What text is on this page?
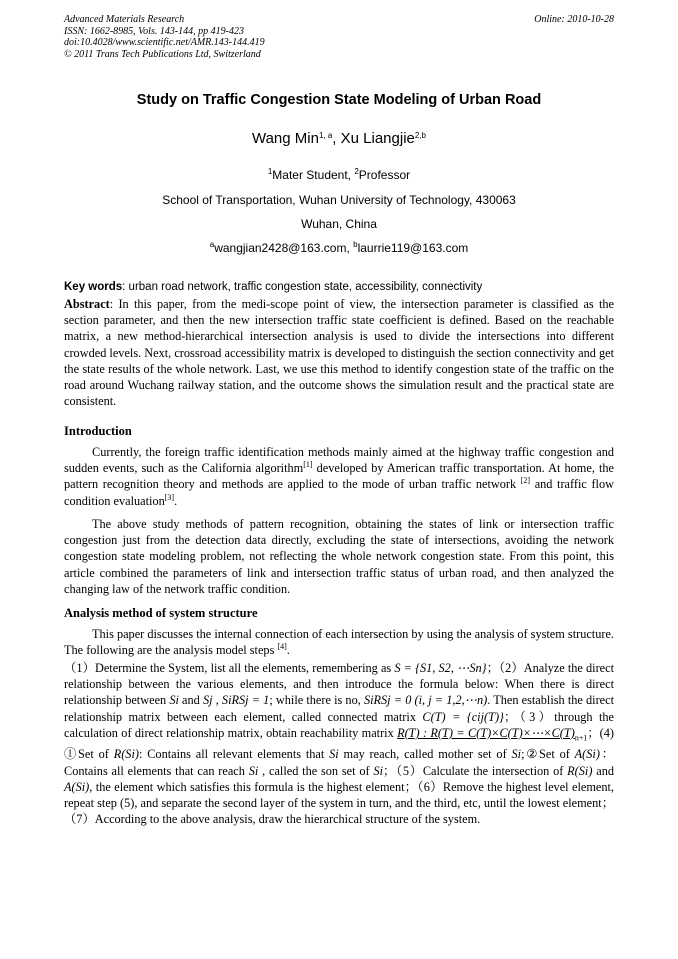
Advanced Materials Research
ISSN: 1662-8985, Vols. 143-144, pp 419-423
doi:10.4028/www.scientific.net/AMR.143-144.419
© 2011 Trans Tech Publications Ltd, Switzerland
Online: 2010-10-28
Study on Traffic Congestion State Modeling of Urban Road
Wang Min$^{1, a}$, Xu Liangjie$^{2,b}$
$^1$Mater Student, $^2$Professor
School of Transportation, Wuhan University of Technology, 430063
Wuhan, China
$^a$wangjian2428@163.com, $^b$laurrie119@163.com
Key words: urban road network, traffic congestion state, accessibility, connectivity
Abstract: In this paper, from the medi-scope point of view, the intersection parameter is classified as the section parameter, and then the new intersection traffic state coefficient is defined. Based on the reachable matrix, a new method-hierarchical intersection analysis is used to divide the intersections into different crowded levels. Next, crossroad accessibility matrix is developed to distinguish the section connectivity and get the state results of the whole network. Last, we use this method to identify congestion state of the traffic on the road around Wuchang railway station, and the outcome shows the simulation result and the practical state are consistent.
Introduction
Currently, the foreign traffic identification methods mainly aimed at the highway traffic congestion and sudden events, such as the California algorithm[1] developed by American traffic transportation. At home, the pattern recognition theory and methods are applied to the mode of urban traffic network [2] and traffic flow condition evaluation[3].
The above study methods of pattern recognition, obtaining the states of link or intersection traffic congestion just from the detection data directly, excluding the state of intersections, avoiding the network congestion state modeling problem, not reflecting the whole network congestion state. From this point, this article combined the parameters of link and intersection traffic status of urban road, and then analyzed the changing law of the network traffic condition.
Analysis method of system structure
This paper discusses the internal connection of each intersection by using the analysis of system structure. The following are the analysis model steps [4].
（1）Determine the System, list all the elements, remembering as S = {S1, S2, ⋯Sn}；（2）Analyze the direct relationship between the various elements, and then introduce the formula below: When there is direct relationship between Si and Sj , SiRSj = 1; while there is no, SiRSj = 0 (i, j = 1,2,⋯n). Then establish the direct relationship matrix between each element, called connected matrix C(T) = {cij(T)}；（3）through the calculation of direct relationship matrix, obtain reachability matrix R(T) : $R(T) = C(T)\times C(T)\times\cdots\times C(T)_{n+1}$；(4) ①Set of R(Si): Contains all relevant elements that Si may reach, called mother set of Si;②Set of A(Si)：Contains all elements that can reach Si , called the son set of Si；（5）Calculate the intersection of R(Si) and A(Si), the element which satisfies this formula is the highest element；（6）Remove the highest level element, repeat step (5), and separate the second layer of the system in turn, and the third, etc, until the lowest element；（7）According to the above analysis, draw the hierarchical structure of the system.
